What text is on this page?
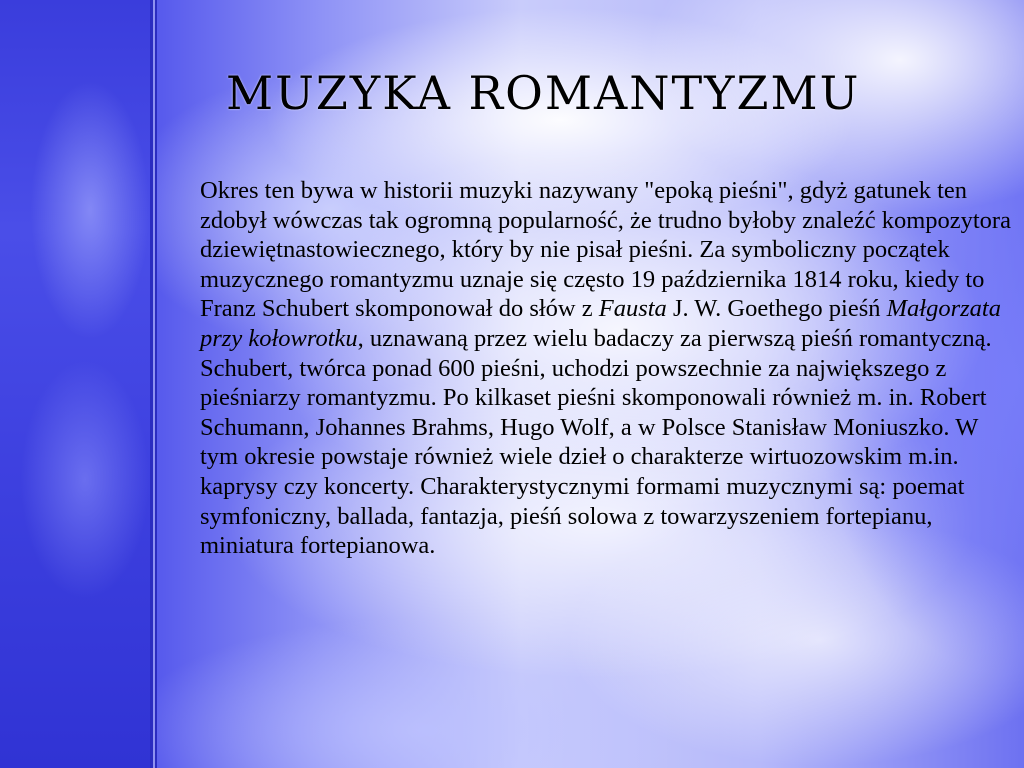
MUZYKA ROMANTYZMU

Okres ten bywa w historii muzyki nazywany "epoką pieśni", gdyż gatunek ten zdobył wówczas tak ogromną popularność, że trudno byłoby znaleźć kompozytora dziewiętnastowiecznego, który by nie pisał pieśni. Za symboliczny początek muzycznego romantyzmu uznaje się często 19 października 1814 roku, kiedy to Franz Schubert skomponował do słów z Fausta J. W. Goethego pieśń Małgorzata przy kołowrotku, uznawaną przez wielu badaczy za pierwszą pieśń romantyczną. Schubert, twórca ponad 600 pieśni, uchodzi powszechnie za największego z pieśniarzy romantyzmu. Po kilkaset pieśni skomponowali również m. in. Robert Schumann, Johannes Brahms, Hugo Wolf, a w Polsce Stanisław Moniuszko. W tym okresie powstaje również wiele dzieł o charakterze wirtuozowskim m.in. kaprysy czy koncerty. Charakterystycznymi formami muzycznymi są: poemat symfoniczny, ballada, fantazja, pieśń solowa z towarzyszeniem fortepianu, miniatura fortepianowa.
